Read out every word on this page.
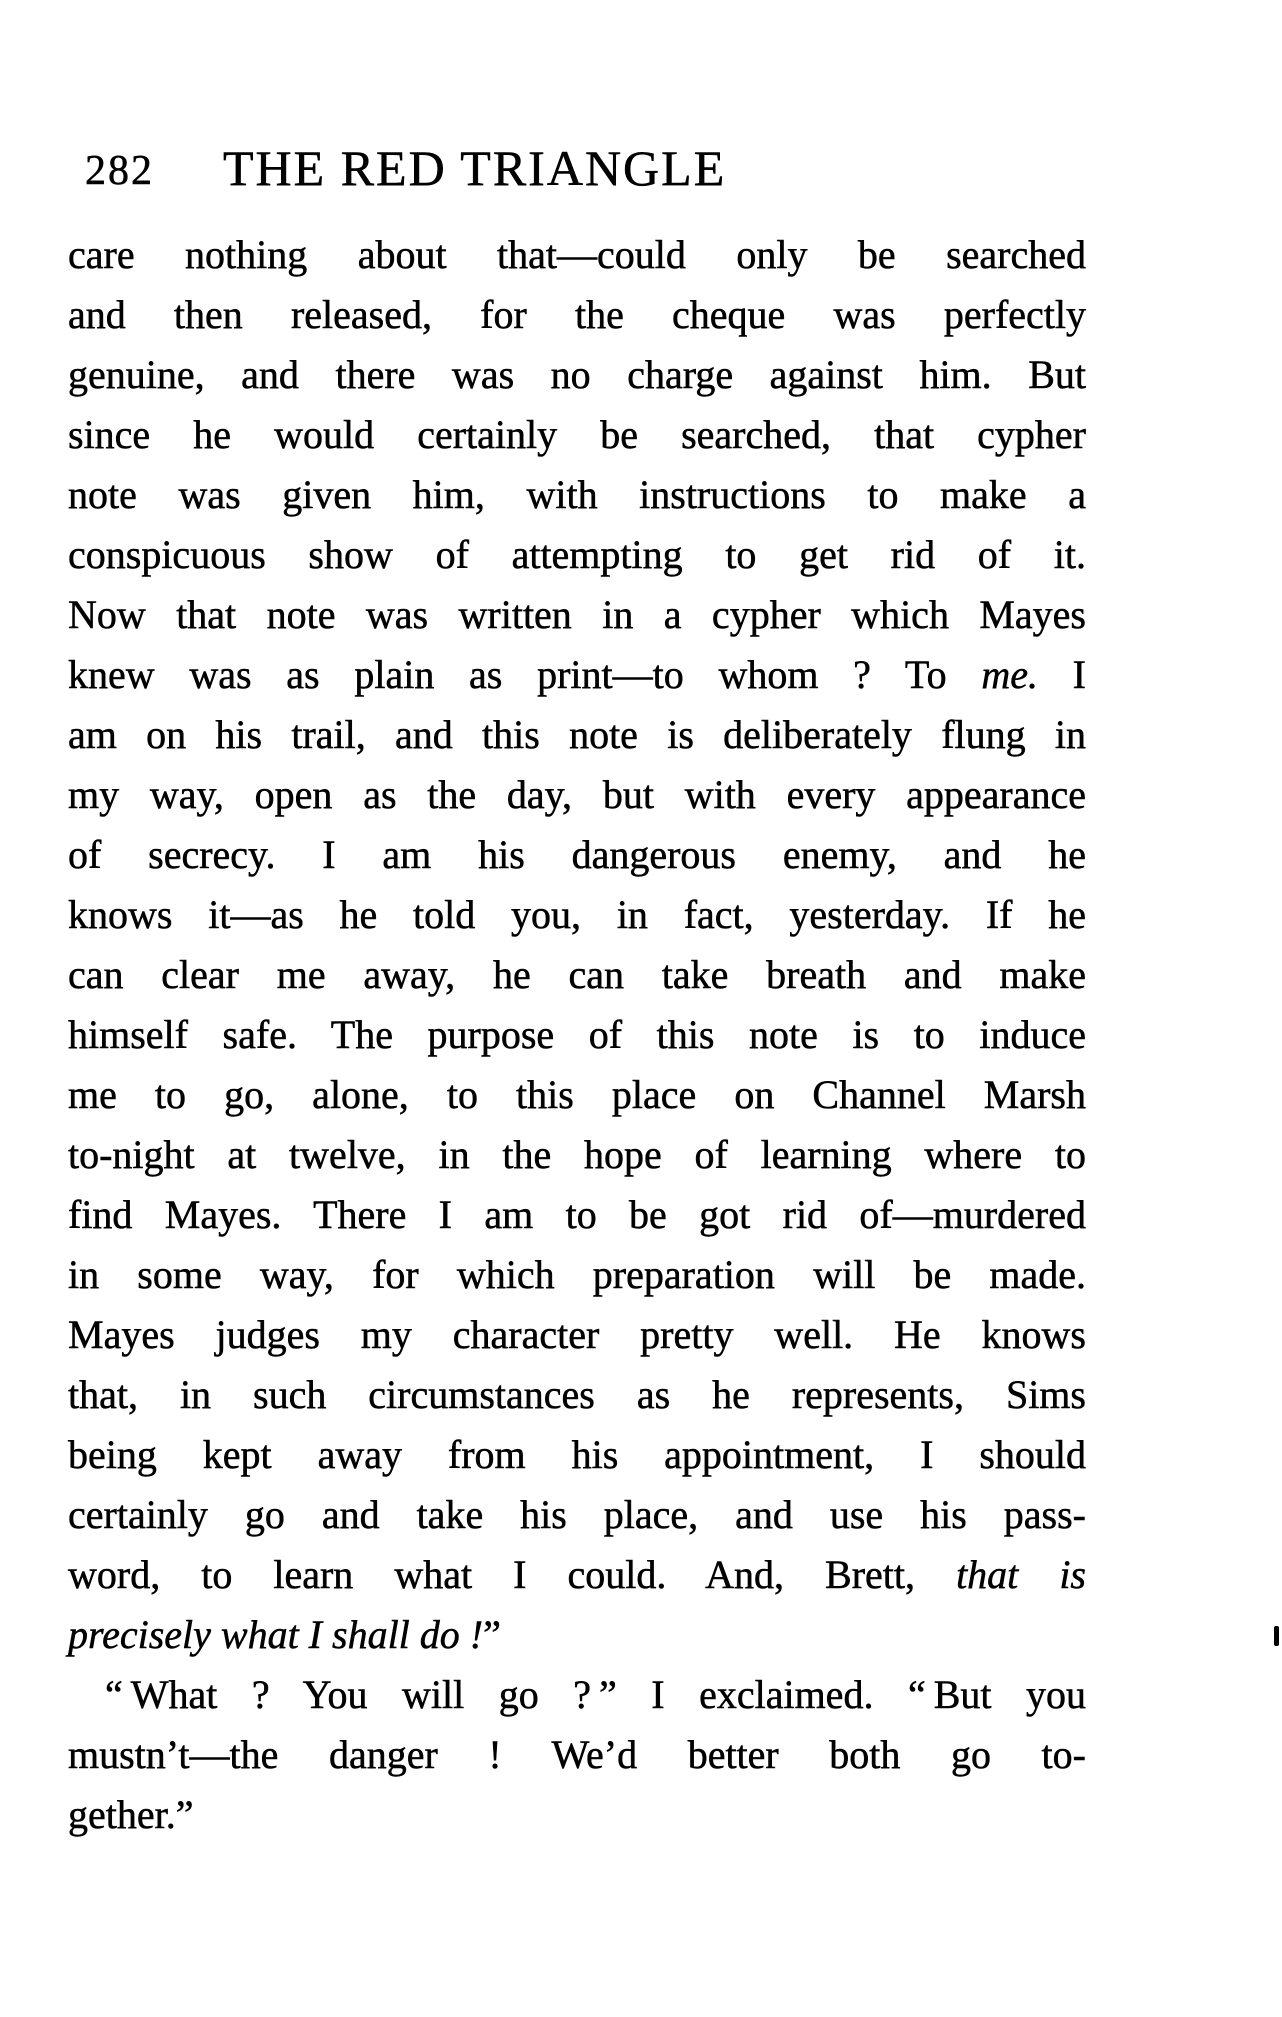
282 THE RED TRIANGLE
care nothing about that—could only be searched
and then released, for the cheque was perfectly
genuine, and there was no charge against him. But
since he would certainly be searched, that cypher
note was given him, with instructions to make a
conspicuous show of attempting to get rid of it.
Now that note was written in a cypher which Mayes
knew was as plain as print—to whom ? To me. I
am on his trail, and this note is deliberately flung in
my way, open as the day, but with every appearance
of secrecy. I am his dangerous enemy, and he
knows it—as he told you, in fact, yesterday. If he
can clear me away, he can take breath and make
himself safe. The purpose of this note is to induce
me to go, alone, to this place on Channel Marsh
to-night at twelve, in the hope of learning where to
find Mayes. There I am to be got rid of—murdered
in some way, for which preparation will be made.
Mayes judges my character pretty well. He knows
that, in such circumstances as he represents, Sims
being kept away from his appointment, I should
certainly go and take his place, and use his pass-
word, to learn what I could. And, Brett, that is
precisely what I shall do !”
“ What ? You will go ? ” I exclaimed. “ But you
mustn’t—the danger ! We’d better both go to-
gether.”
